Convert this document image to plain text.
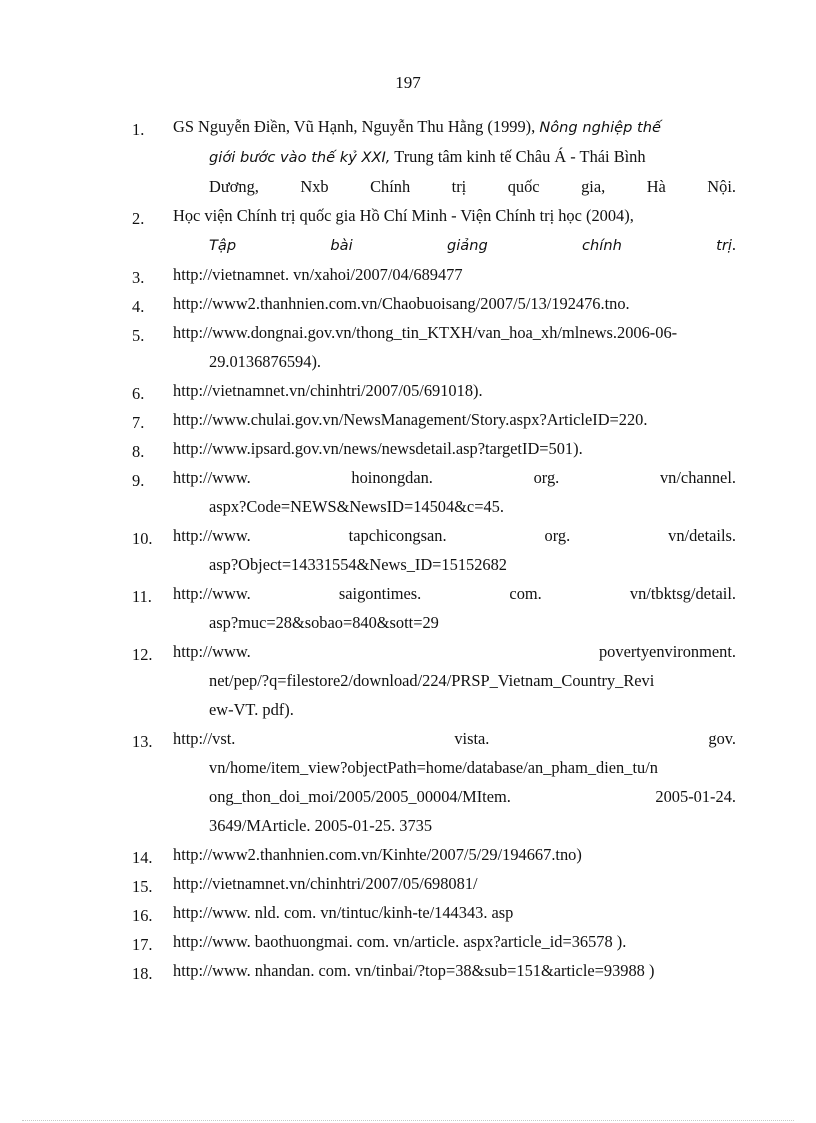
197
1.	GS Nguyễn Điền, Vũ Hạnh, Nguyễn Thu Hằng (1999), Nông nghiệp thế
giới bước vào thế kỷ XXI, Trung tâm kinh tế Châu Á - Thái Bình
Dương, Nxb Chính trị quốc gia, Hà Nội.
2.	Học viện Chính trị quốc gia Hồ Chí Minh - Viện Chính trị học (2004),
Tập bài giảng chính trị.
3.	http://vietnamnet. vn/xahoi/2007/04/689477
4.	http://www2.thanhnien.com.vn/Chaobuoisang/2007/5/13/192476.tno.
5.	http://www.dongnai.gov.vn/thong_tin_KTXH/van_hoa_xh/mlnews.2006-06-
29.0136876594).
6.	http://vietnamnet.vn/chinhtri/2007/05/691018).
7.	http://www.chulai.gov.vn/NewsManagement/Story.aspx?ArticleID=220.
8.	http://www.ipsard.gov.vn/news/newsdetail.asp?targetID=501).
9.	http://www. hoinongdan. org. vn/channel.
aspx?Code=NEWS&NewsID=14504&c=45.
10.	http://www. tapchicongsan. org. vn/details.
asp?Object=14331554&News_ID=15152682
11.	http://www. saigontimes. com. vn/tbktsg/detail.
asp?muc=28&sobao=840&sott=29
12.	http://www. povertyenvironment.
net/pep/?q=filestore2/download/224/PRSP_Vietnam_Country_Revi
ew-VT. pdf).
13.	http://vst. vista. gov.
vn/home/item_view?objectPath=home/database/an_pham_dien_tu/n
ong_thon_doi_moi/2005/2005_00004/MItem. 2005-01-24.
3649/MArticle. 2005-01-25. 3735
14.	http://www2.thanhnien.com.vn/Kinhte/2007/5/29/194667.tno)
15.	http://vietnamnet.vn/chinhtri/2007/05/698081/
16.	http://www. nld. com. vn/tintuc/kinh-te/144343. asp
17.	http://www. baothuongmai. com. vn/article. aspx?article_id=36578 ).
18.	http://www. nhandan. com. vn/tinbai/?top=38&sub=151&article=93988 )
